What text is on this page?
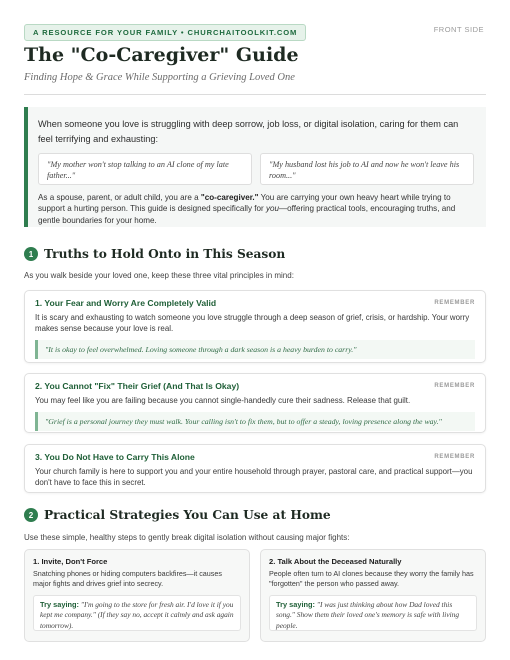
A RESOURCE FOR YOUR FAMILY • CHURCHAITOOLKIT.COM	FRONT SIDE
The "Co-Caregiver" Guide
Finding Hope & Grace While Supporting a Grieving Loved One

When someone you love is struggling with deep sorrow, job loss, or digital isolation, caring for them can feel terrifying and exhausting:

"My mother won't stop talking to an AI clone of my late father..."
"My husband lost his job to AI and now he won't leave his room..."

As a spouse, parent, or adult child, you are a "co-caregiver." You are carrying your own heavy heart while trying to support a hurting person. This guide is designed specifically for you—offering practical tools, encouraging truths, and gentle boundaries for your home.

1 Truths to Hold Onto in This Season
As you walk beside your loved one, keep these three vital principles in mind:
1. Your Fear and Worry Are Completely Valid	REMEMBER
It is scary and exhausting to watch someone you love struggle through a deep season of grief, crisis, or hardship. Your worry makes sense because your love is real.
"It is okay to feel overwhelmed. Loving someone through a dark season is a heavy burden to carry."
2. You Cannot "Fix" Their Grief (And That Is Okay)	REMEMBER
You may feel like you are failing because you cannot single-handedly cure their sadness. Release that guilt.
"Grief is a personal journey they must walk. Your calling isn't to fix them, but to offer a steady, loving presence along the way."
3. You Do Not Have to Carry This Alone	REMEMBER
Your church family is here to support you and your entire household through prayer, pastoral care, and practical support—you don't have to face this in secret.
2 Practical Strategies You Can Use at Home
Use these simple, healthy steps to gently break digital isolation without causing major fights:
1. Invite, Don't Force
Snatching phones or hiding computers backfires—it causes major fights and drives grief into secrecy.
Try saying: "I'm going to the store for fresh air. I'd love it if you kept me company." (If they say no, accept it calmly and ask again tomorrow).
2. Talk About the Deceased Naturally
People often turn to AI clones because they worry the family has "forgotten" the person who passed away.
Try saying: "I was just thinking about how Dad loved this song." Show them their loved one's memory is safe with living people.
